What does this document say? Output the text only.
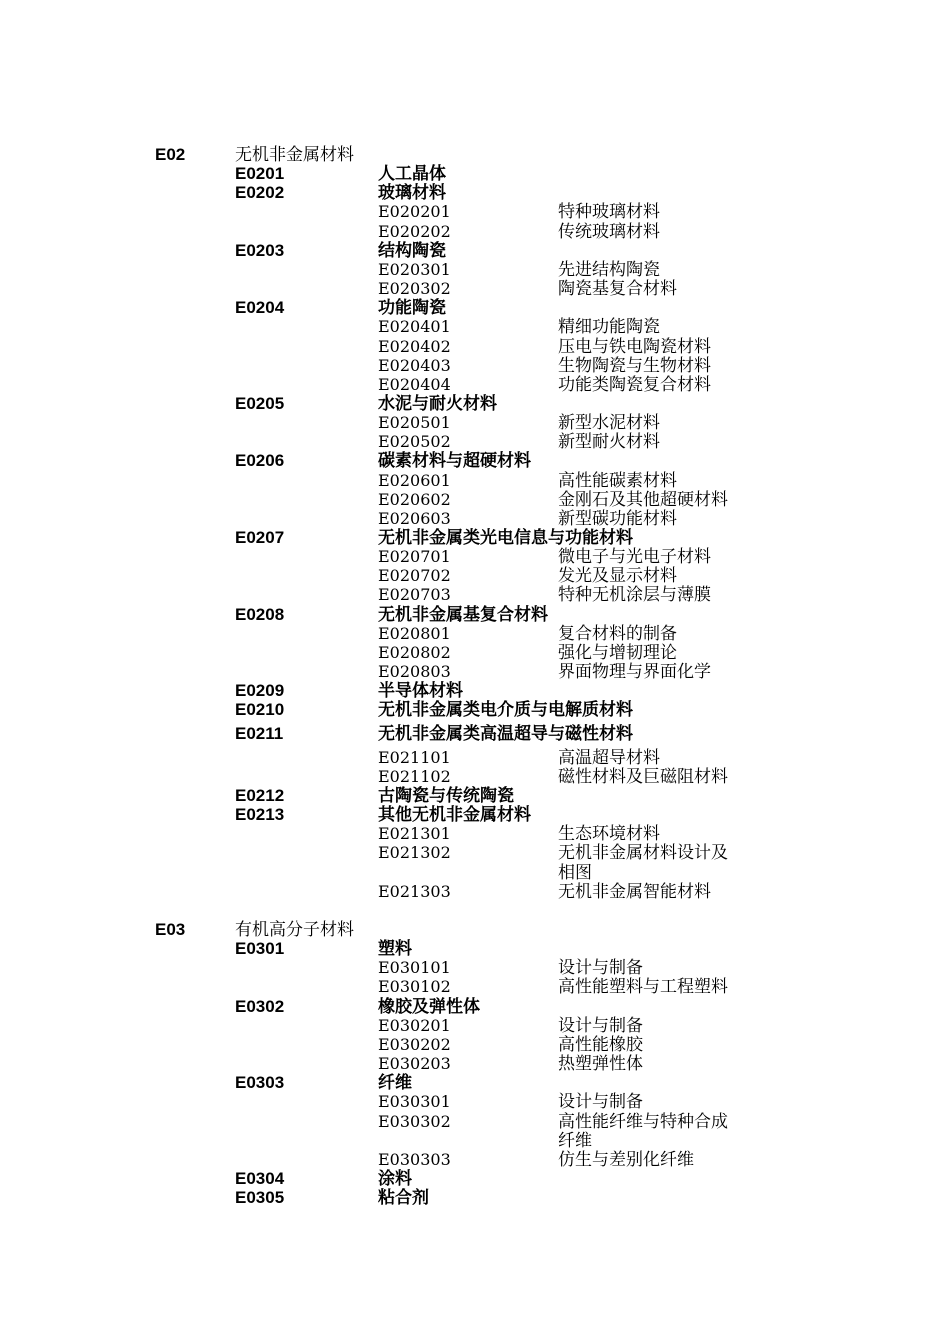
E02	无机非金属材料
E0201	人工晶体
E0202	玻璃材料
E020201	特种玻璃材料
E020202	传统玻璃材料
E0203	结构陶瓷
E020301	先进结构陶瓷
E020302	陶瓷基复合材料
E0204	功能陶瓷
E020401	精细功能陶瓷
E020402	压电与铁电陶瓷材料
E020403	生物陶瓷与生物材料
E020404	功能类陶瓷复合材料
E0205	水泥与耐火材料
E020501	新型水泥材料
E020502	新型耐火材料
E0206	碳素材料与超硬材料
E020601	高性能碳素材料
E020602	金刚石及其他超硬材料
E020603	新型碳功能材料
E0207	无机非金属类光电信息与功能材料
E020701	微电子与光电子材料
E020702	发光及显示材料
E020703	特种无机涂层与薄膜
E0208	无机非金属基复合材料
E020801	复合材料的制备
E020802	强化与增韧理论
E020803	界面物理与界面化学
E0209	半导体材料
E0210	无机非金属类电介质与电解质材料
E0211	无机非金属类高温超导与磁性材料
E021101	高温超导材料
E021102	磁性材料及巨磁阻材料
E0212	古陶瓷与传统陶瓷
E0213	其他无机非金属材料
E021301	生态环境材料
E021302	无机非金属材料设计及
相图
E021303	无机非金属智能材料
E03	有机高分子材料
E0301	塑料
E030101	设计与制备
E030102	高性能塑料与工程塑料
E0302	橡胶及弹性体
E030201	设计与制备
E030202	高性能橡胶
E030203	热塑弹性体
E0303	纤维
E030301	设计与制备
E030302	高性能纤维与特种合成
纤维
E030303	仿生与差别化纤维
E0304	涂料
E0305	粘合剂
